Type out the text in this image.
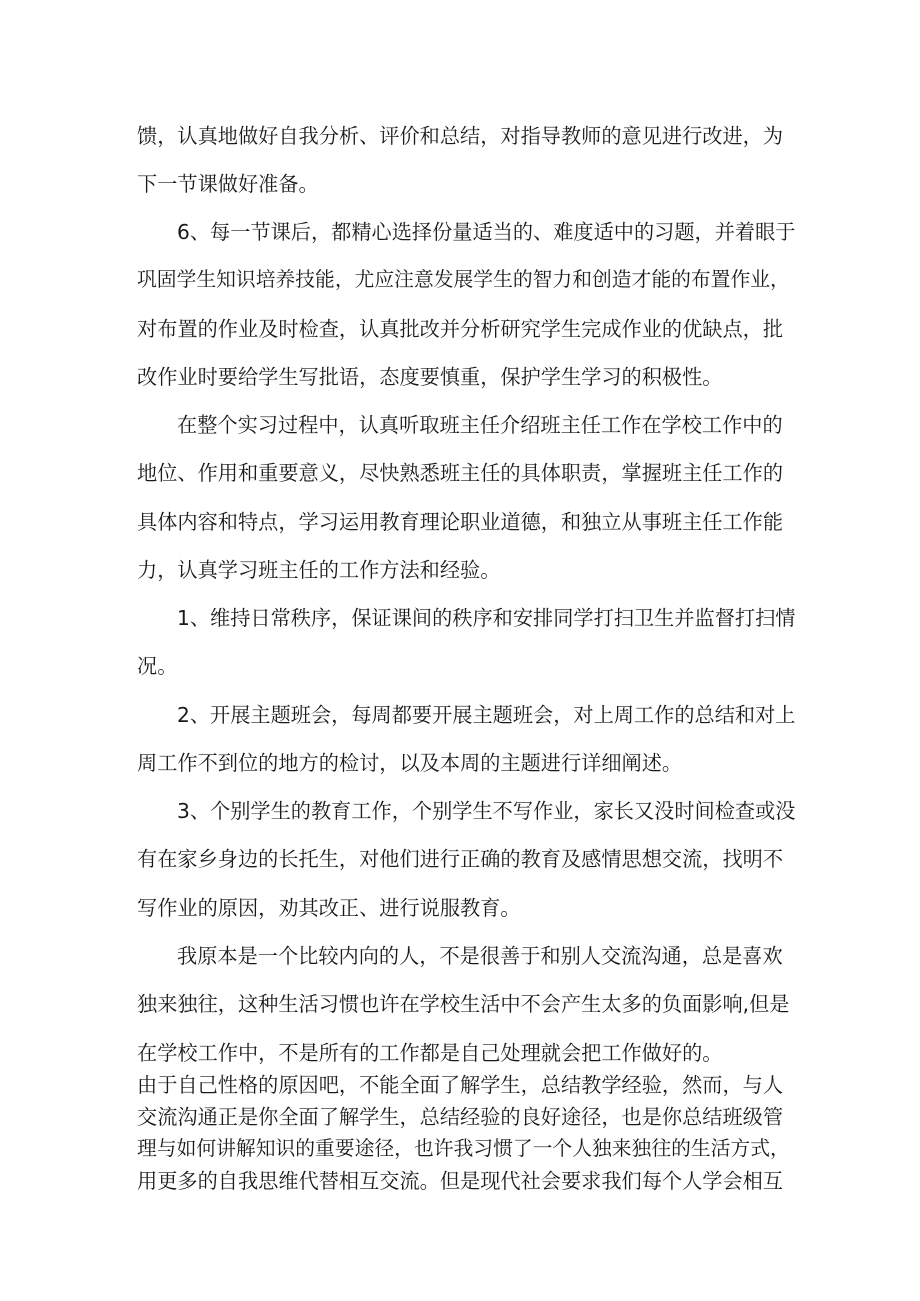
馈，认真地做好自我分析、评价和总结，对指导教师的意见进行改进，为
下一节课做好准备。
6、每一节课后，都精心选择份量适当的、难度适中的习题，并着眼于
巩固学生知识培养技能，尤应注意发展学生的智力和创造才能的布置作业，
对布置的作业及时检查，认真批改并分析研究学生完成作业的优缺点，批
改作业时要给学生写批语，态度要慎重，保护学生学习的积极性。
在整个实习过程中，认真听取班主任介绍班主任工作在学校工作中的
地位、作用和重要意义，尽快熟悉班主任的具体职责，掌握班主任工作的
具体内容和特点，学习运用教育理论职业道德，和独立从事班主任工作能
力，认真学习班主任的工作方法和经验。
1、维持日常秩序，保证课间的秩序和安排同学打扫卫生并监督打扫情
况。
2、开展主题班会，每周都要开展主题班会，对上周工作的总结和对上
周工作不到位的地方的检讨，以及本周的主题进行详细阐述。
3、个别学生的教育工作，个别学生不写作业，家长又没时间检查或没
有在家乡身边的长托生，对他们进行正确的教育及感情思想交流，找明不
写作业的原因，劝其改正、进行说服教育。
我原本是一个比较内向的人，不是很善于和别人交流沟通，总是喜欢
独来独往，这种生活习惯也许在学校生活中不会产生太多的负面影响,但是
在学校工作中，不是所有的工作都是自己处理就会把工作做好的。
由于自己性格的原因吧，不能全面了解学生，总结教学经验，然而，与人
交流沟通正是你全面了解学生，总结经验的良好途径，也是你总结班级管
理与如何讲解知识的重要途径，也许我习惯了一个人独来独往的生活方式，
用更多的自我思维代替相互交流。但是现代社会要求我们每个人学会相互
